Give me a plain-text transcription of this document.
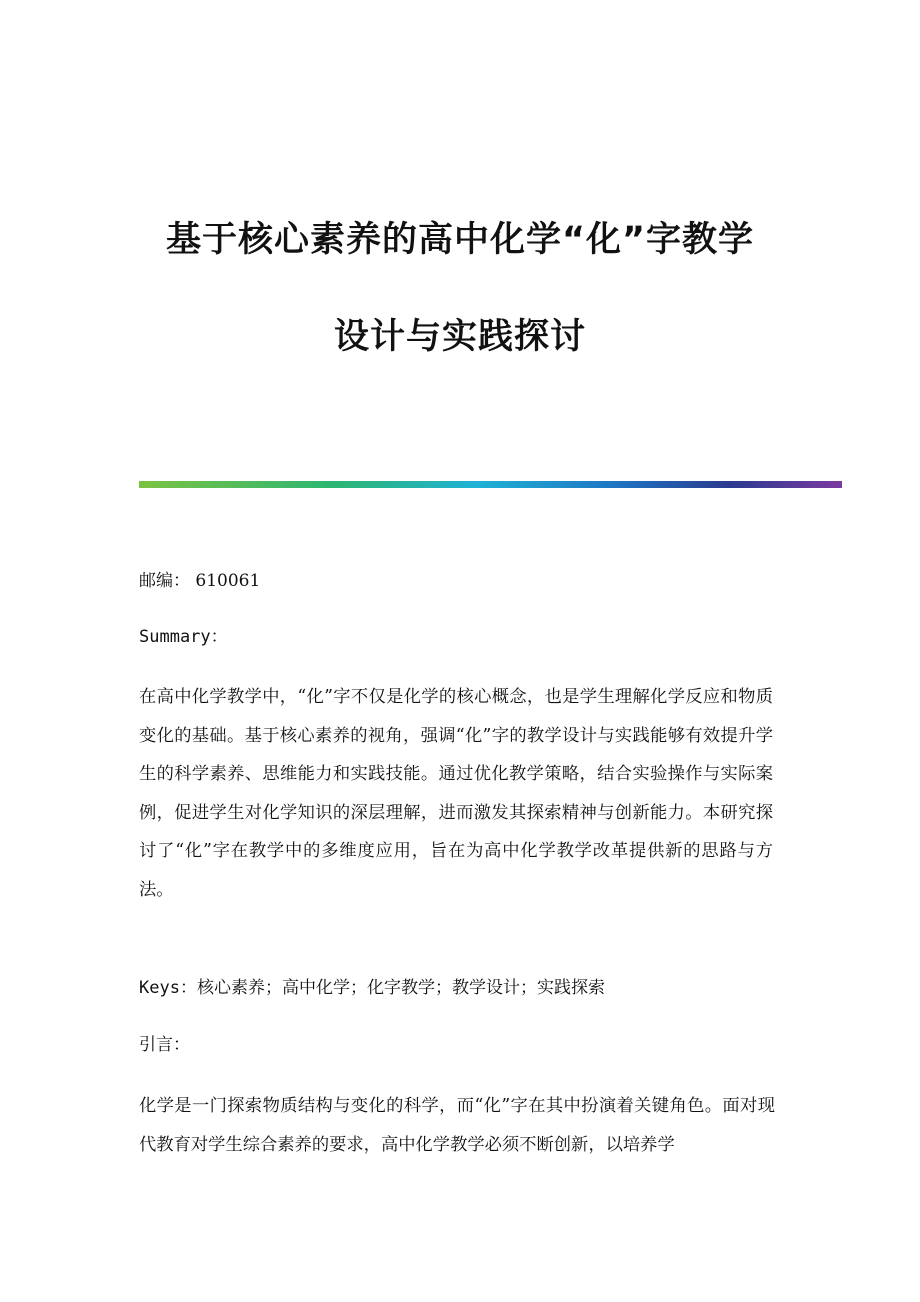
基于核心素养的高中化学“化”字教学
设计与实践探讨

邮编： 610061

Summary：

在高中化学教学中，“化”字不仅是化学的核心概念，也是学生理解化学反应和物质变化的基础。基于核心素养的视角，强调“化”字的教学设计与实践能够有效提升学生的科学素养、思维能力和实践技能。通过优化教学策略，结合实验操作与实际案例，促进学生对化学知识的深层理解，进而激发其探索精神与创新能力。本研究探讨了“化”字在教学中的多维度应用，旨在为高中化学教学改革提供新的思路与方法。

Keys：核心素养；高中化学；化字教学；教学设计；实践探索

引言：

化学是一门探索物质结构与变化的科学，而“化”字在其中扮演着关键角色。面对现代教育对学生综合素养的要求，高中化学教学必须不断创新，以培养学
